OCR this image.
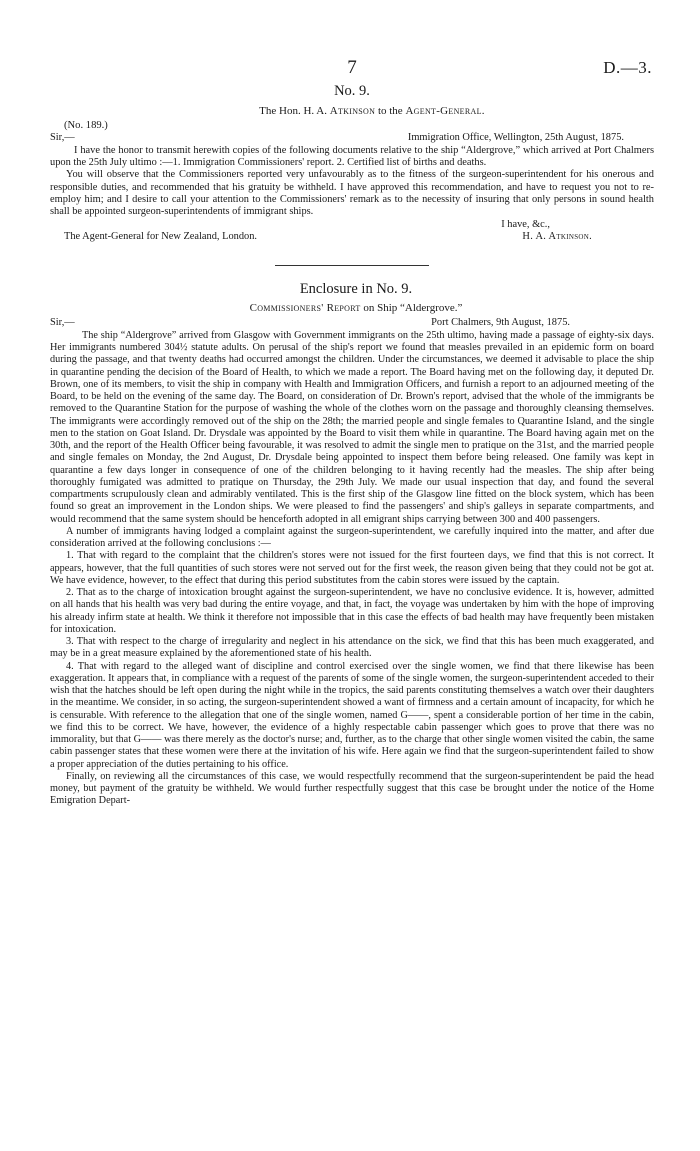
7	D.—3.
No. 9.
The Hon. H. A. Atkinson to the Agent-General.
(No. 189.)
Sir,—	Immigration Office, Wellington, 25th August, 1875.

I have the honor to transmit herewith copies of the following documents relative to the ship “Aldergrove,” which arrived at Port Chalmers upon the 25th July ultimo :—1. Immigration Commissioners' report. 2. Certified list of births and deaths.

You will observe that the Commissioners reported very unfavourably as to the fitness of the surgeon-superintendent for his onerous and responsible duties, and recommended that his gratuity be withheld. I have approved this recommendation, and have to request you not to re-employ him; and I desire to call your attention to the Commissioners' remark as to the necessity of insuring that only persons in sound health shall be appointed surgeon-superintendents of immigrant ships.

I have, &c.,
The Agent-General for New Zealand, London.	H. A. Atkinson.
Enclosure in No. 9.
Commissioners' Report on Ship “Aldergrove.”
Sir,—	Port Chalmers, 9th August, 1875.

The ship “Aldergrove” arrived from Glasgow with Government immigrants on the 25th ultimo, having made a passage of eighty-six days. Her immigrants numbered 304½ statute adults. On perusal of the ship's report we found that measles prevailed in an epidemic form on board during the passage, and that twenty deaths had occurred amongst the children. Under the circumstances, we deemed it advisable to place the ship in quarantine pending the decision of the Board of Health, to which we made a report. The Board having met on the following day, it deputed Dr. Brown, one of its members, to visit the ship in company with Health and Immigration Officers, and furnish a report to an adjourned meeting of the Board, to be held on the evening of the same day. The Board, on consideration of Dr. Brown's report, advised that the whole of the immigrants be removed to the Quarantine Station for the purpose of washing the whole of the clothes worn on the passage and thoroughly cleansing themselves. The immigrants were accordingly removed out of the ship on the 28th; the married people and single females to Quarantine Island, and the single men to the station on Goat Island. Dr. Drysdale was appointed by the Board to visit them while in quarantine. The Board having again met on the 30th, and the report of the Health Officer being favourable, it was resolved to admit the single men to pratique on the 31st, and the married people and single females on Monday, the 2nd August, Dr. Drysdale being appointed to inspect them before being released. One family was kept in quarantine a few days longer in consequence of one of the children belonging to it having recently had the measles. The ship after being thoroughly fumigated was admitted to pratique on Thursday, the 29th July. We made our usual inspection that day, and found the several compartments scrupulously clean and admirably ventilated. This is the first ship of the Glasgow line fitted on the block system, which has been found so great an improvement in the London ships. We were pleased to find the passengers' and ship's galleys in separate compartments, and would recommend that the same system should be henceforth adopted in all emigrant ships carrying between 300 and 400 passengers.

A number of immigrants having lodged a complaint against the surgeon-superintendent, we carefully inquired into the matter, and after due consideration arrived at the following conclusions :—

1. That with regard to the complaint that the children's stores were not issued for the first fourteen days, we find that this is not correct. It appears, however, that the full quantities of such stores were not served out for the first week, the reason given being that they could not be got at. We have evidence, however, to the effect that during this period substitutes from the cabin stores were issued by the captain.

2. That as to the charge of intoxication brought against the surgeon-superintendent, we have no conclusive evidence. It is, however, admitted on all hands that his health was very bad during the entire voyage, and that, in fact, the voyage was undertaken by him with the hope of improving his already infirm state at health. We think it therefore not impossible that in this case the effects of bad health may have frequently been mistaken for intoxication.

3. That with respect to the charge of irregularity and neglect in his attendance on the sick, we find that this has been much exaggerated, and may be in a great measure explained by the aforementioned state of his health.

4. That with regard to the alleged want of discipline and control exercised over the single women, we find that there likewise has been exaggeration. It appears that, in compliance with a request of the parents of some of the single women, the surgeon-superintendent acceded to their wish that the hatches should be left open during the night while in the tropics, the said parents constituting themselves a watch over their daughters in the meantime. We consider, in so acting, the surgeon-superintendent showed a want of firmness and a certain amount of incapacity, for which he is censurable. With reference to the allegation that one of the single women, named G——, spent a considerable portion of her time in the cabin, we find this to be correct. We have, however, the evidence of a highly respectable cabin passenger which goes to prove that there was no immorality, but that G—— was there merely as the doctor's nurse; and, further, as to the charge that other single women visited the cabin, the same cabin passenger states that these women were there at the invitation of his wife. Here again we find that the surgeon-superintendent failed to show a proper appreciation of the duties pertaining to his office.

Finally, on reviewing all the circumstances of this case, we would respectfully recommend that the surgeon-superintendent be paid the head money, but payment of the gratuity be withheld. We would further respectfully suggest that this case be brought under the notice of the Home Emigration Depart-
